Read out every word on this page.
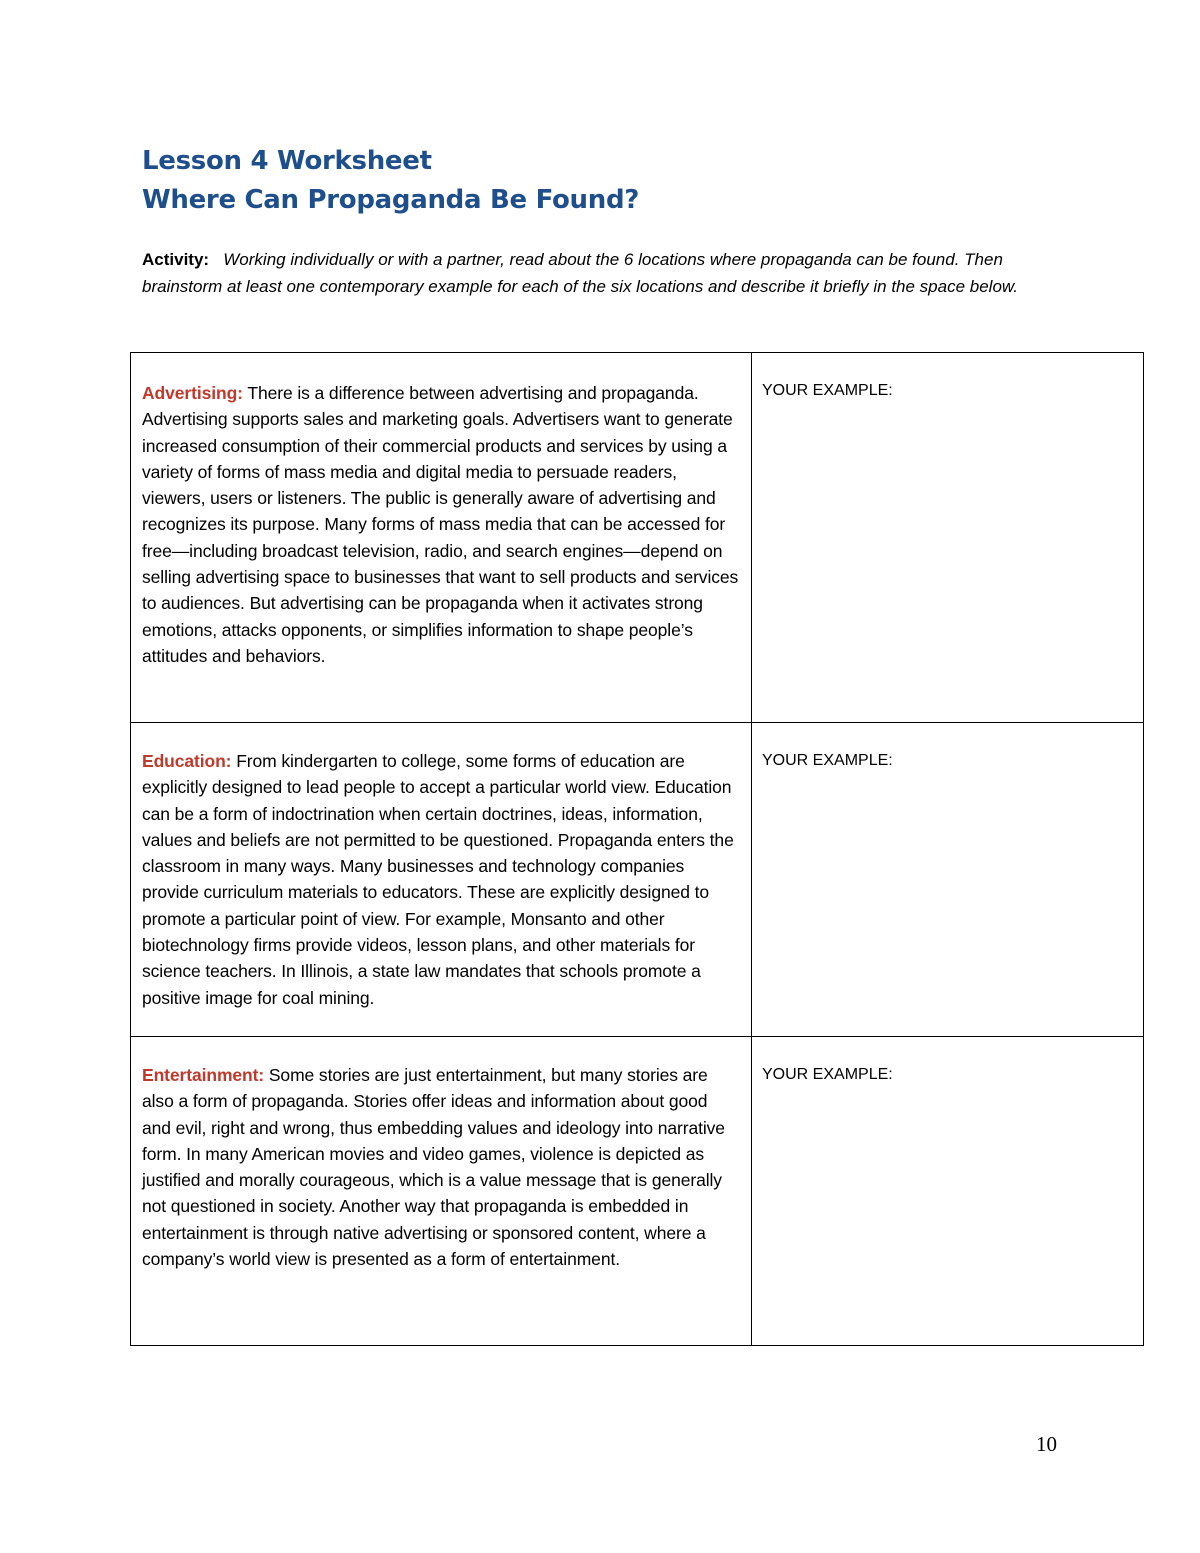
Lesson 4 Worksheet
Where Can Propaganda Be Found?
Activity: Working individually or with a partner, read about the 6 locations where propaganda can be found. Then brainstorm at least one contemporary example for each of the six locations and describe it briefly in the space below.
Advertising: There is a difference between advertising and propaganda. Advertising supports sales and marketing goals. Advertisers want to generate increased consumption of their commercial products and services by using a variety of forms of mass media and digital media to persuade readers, viewers, users or listeners. The public is generally aware of advertising and recognizes its purpose. Many forms of mass media that can be accessed for free—including broadcast television, radio, and search engines—depend on selling advertising space to businesses that want to sell products and services to audiences. But advertising can be propaganda when it activates strong emotions, attacks opponents, or simplifies information to shape people’s attitudes and behaviors.	YOUR EXAMPLE:

Education: From kindergarten to college, some forms of education are explicitly designed to lead people to accept a particular world view. Education can be a form of indoctrination when certain doctrines, ideas, information, values and beliefs are not permitted to be questioned. Propaganda enters the classroom in many ways. Many businesses and technology companies provide curriculum materials to educators. These are explicitly designed to promote a particular point of view. For example, Monsanto and other biotechnology firms provide videos, lesson plans, and other materials for science teachers. In Illinois, a state law mandates that schools promote a positive image for coal mining.	YOUR EXAMPLE:

Entertainment: Some stories are just entertainment, but many stories are also a form of propaganda. Stories offer ideas and information about good and evil, right and wrong, thus embedding values and ideology into narrative form. In many American movies and video games, violence is depicted as justified and morally courageous, which is a value message that is generally not questioned in society. Another way that propaganda is embedded in entertainment is through native advertising or sponsored content, where a company’s world view is presented as a form of entertainment.	YOUR EXAMPLE:
10
